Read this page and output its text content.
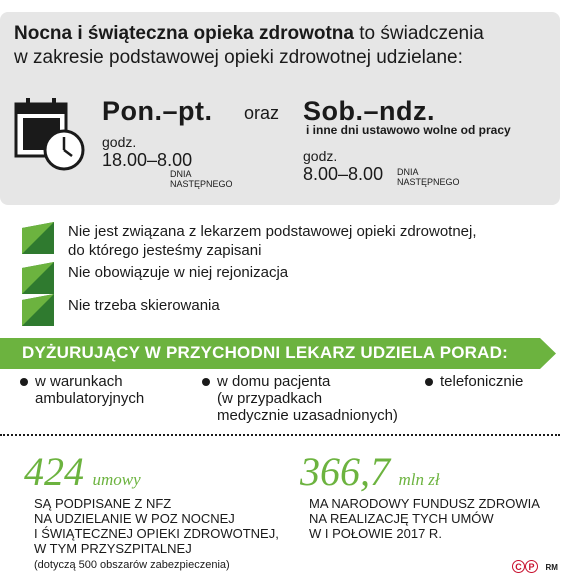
Nocna i świąteczna opieka zdrowotna to świadczenia
w zakresie podstawowej opieki zdrowotnej udzielane:
Pon.–pt.
godz.
18.00–8.00
DNIA
NASTĘPNEGO
oraz Sob.–ndz.
i inne dni ustawowo wolne od pracy
godz.
8.00–8.00 DNIA
NASTĘPNEGO
Nie jest związana z lekarzem podstawowej opieki zdrowotnej,
do którego jesteśmy zapisani
Nie obowiązuje w niej rejonizacja
Nie trzeba skierowania
DYŻURUJĄCY W PRZYCHODNI LEKARZ UDZIELA PORAD:
w warunkach
ambulatoryjnych
w domu pacjenta
(w przypadkach
medycznie uzasadnionych)
telefonicznie
424 umowy
SĄ PODPISANE Z NFZ
NA UDZIELANIE W POZ NOCNEJ
I ŚWIĄTECZNEJ OPIEKI ZDROWOTNEJ,
W TYM PRZYSZPITALNEJ
(dotyczą 500 obszarów zabezpieczenia)
366,7 mln zł
MA NARODOWY FUNDUSZ ZDROWIA
NA REALIZACJĘ TYCH UMÓW
W I POŁOWIE 2017 R.
C P RM
